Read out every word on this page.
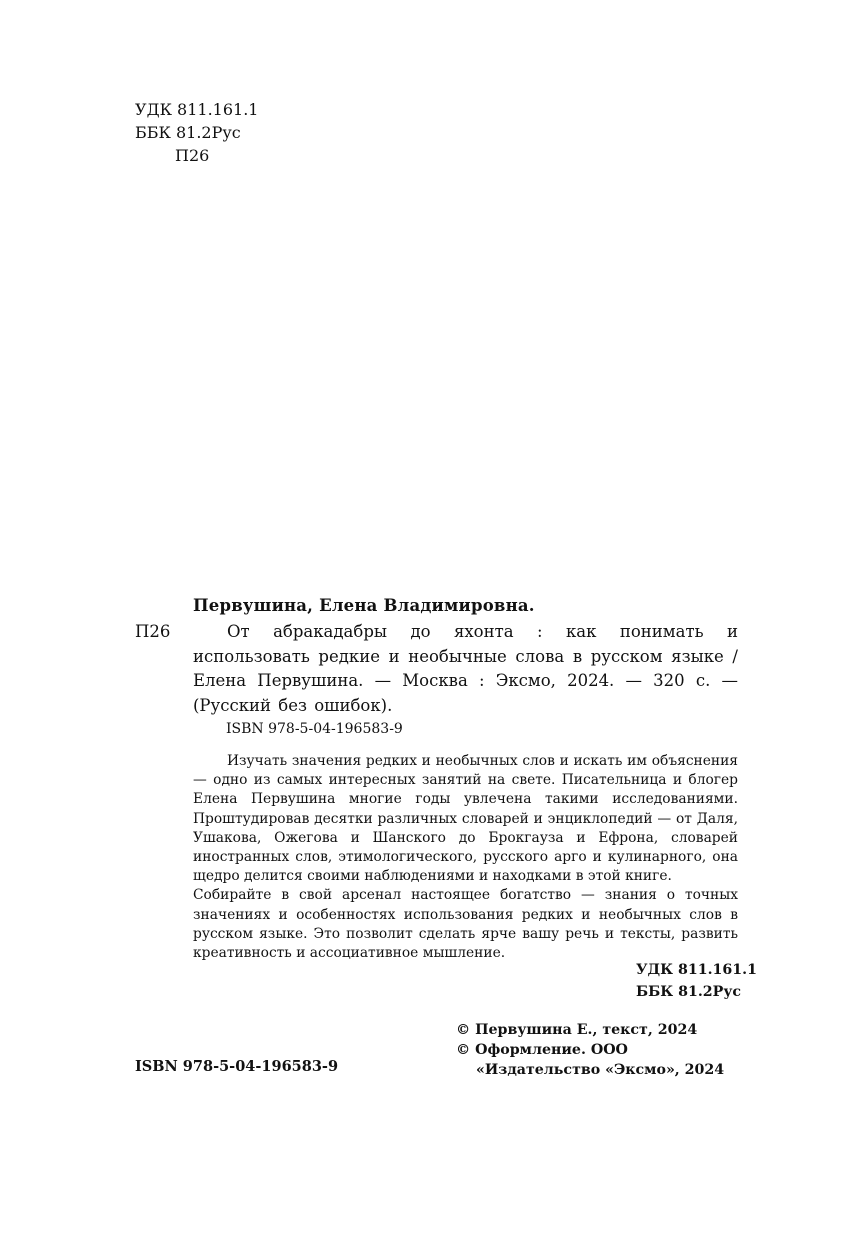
УДК 811.161.1
ББК 81.2Рус
П26
Первушина, Елена Владимировна.
П26	От абракадабры до яхонта : как понимать и использовать редкие и необычные слова в русском языке / Елена Первушина. — Москва : Эксмо, 2024. — 320 с. — (Русский без ошибок).
ISBN 978-5-04-196583-9

Изучать значения редких и необычных слов и искать им объяснения — одно из самых интересных занятий на свете. Писательница и блогер Елена Первушина многие годы увлечена такими исследованиями. Проштудировав десятки различных словарей и энциклопедий — от Даля, Ушакова, Ожегова и Шанского до Брокгауза и Ефрона, словарей иностранных слов, этимологического, русского арго и кулинарного, она щедро делится своими наблюдениями и находками в этой книге.

Собирайте в свой арсенал настоящее богатство — знания о точных значениях и особенностях использования редких и необычных слов в русском языке. Это позволит сделать ярче вашу речь и тексты, развить креативность и ассоциативное мышление.

УДК 811.161.1
ББК 81.2Рус
© Первушина Е., текст, 2024
© Оформление. ООО «Издательство «Эксмо», 2024
ISBN 978-5-04-196583-9
